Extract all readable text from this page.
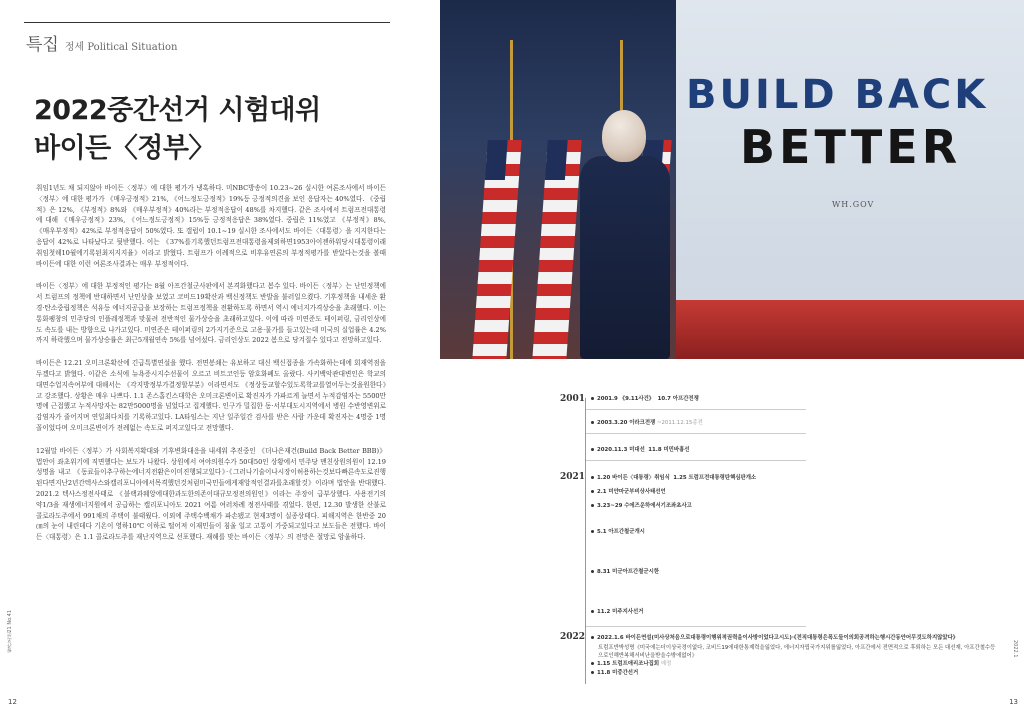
특집 정세 Political Situation
2022중간선거 시험대위
바이든〈정부〉

취임1년도 채 되지않아 바이든〈정부〉에 대한 평가가 냉혹하다. 미NBC방송이 10.23~26 실시한 여론조사에서 바이든〈정부〉에 대한 평가가 《매우긍정적》21%, 《어느정도긍정적》19%등 긍정적의견을 보인 응답자는 40%였다. 《중립적》은 12%, 《부정적》8%와 《매우부정적》40%라는 부정적응답이 48%를 차지했다. 같은 조사에서 트럼프전대통령에 대해 《매우긍정적》23%, 《어느정도긍정적》15%등 긍정적응답은 38%였다. 중립은 11%였고 《부정적》8%, 《매우부정적》42%로 부정적응답이 50%였다. 또 갤럽이 10.1~19 실시한 조사에서도 바이든〈대통령〉을 지지한다는 응답이 42%로 나타났다고 뒷받했다. 이는 《37%를기록했던트럼프전대통령을제외하면1953아이젠하워당시대통령이래취임첫해10월에기록된최저지지율》이라고 밝혔다. 트럼프가 이례적으로 비후유연론의 부정적평가를 받았다는것을 볼때 바이든에 대한 이런 여론조사결과는 매우 부정적이다.

바이든〈정부〉에 대한 부정적인 평가는 8월 아프간철군사판에서 본격화했다고 봄수 있다. 바이든〈정부〉는 난민정책에서 트럼프의 정책에 반대하면서 난민상출 보였고 코비드19확산과 백신정책도 반발을 불러일으켰다. 기후정책을 내세운 환경·탄소중립정책은 석유등 에너지공급을 보장하는 트럼프정책을 전환하도록 하면서 역시 에너지가격상승을 초래했다. 이는 통화팽창의 민주당의 인플레정책과 맞물려 전반적인 물가상승을 초래하고있다. 이에 따라 미연준도 테이퍼링, 금리인상에도 속도를 내는 방향으로 나가고있다. 미연준은 테이퍼링의 2가지기준으로 고용·물가를 들고있는데 미국의 실업률은 4.2%까지 하락했으며 물가상승률은 최근5개월연속 5%를 넘어섰다. 금리인상도 2022 봄으로 당겨질수 있다고 전망하고있다.

바이든은 12.21 오미크론확산에 긴급특별연설을 했다. 전면봉쇄는 유보하고 대신 백신접종을 가속화하는데에 회재역점을 두겠다고 밝혔다. 이같은 소식에 뉴욕증시지수선물이 오르고 비트코인등 암호화폐도 올랐다. 사키백악관대변인은 학교의 대면수업지속여부에 대해서는 《각지방정부가결정할부분》이라면서도 《정상등교할수있도록학교를열어두는것을원한다》고 강조했다. 상황은 매우 나쁘다. 1.1 존스홉킨스대학은 오미크론변이로 확진자가 가파르게 늘면서 누적감염자는 5500만명에 근접했고 누적사망자는 82만5000명을 넘었다고 집계했다. 인구가 밀집한 동·서부대도시지역에서 병원 수반영변위로 감염자가 줄어지며 연일최다치를 기록하고있다. LA타임스는 지난 일주일간 검사를 받은 사람 가운데 확진자는 4명중 1명꼴이었다며 오미크론변이가 전례없는 속도로 퍼지고있다고 전망했다.

12월말 바이든〈정부〉가 사회복지확대와 기후변화대응을 내세워 추진중인 《더나은재건(Build Back Better BBB)》법안이 좌초위기에 직면했다는 보도가 나왔다. 상원에서 여야의원수가 50대50인 상황에서 민주당 맨친상원의원이 12.19 성명을 내고 《동료들이추구하는에너지전환은이미진행되고있다》·《그러나기술이나시장이허용하는것보다빠른속도로진행된다면지난2년간텍사스와캘리포니아에서목격했던것처럼미국민들에게재앙적인결과를초래할것》이라며 법안을 반대했다. 2021.2 텍사스정전사태로 《블랙과웨앙에대한과도한의존이대규모정전의원인》이라는 주장이 급부상했다. 사용전기의 약1/3을 재생에너지원에서 공급하는 캘리포니아도 2021 여름 여러차례 정전사태를 겪었다. 한편, 12.30 발생한 산불로 콜로라도주에서 991채의 주택이 불태웠다. 이외에 주택수백채가 파손됐고 현재3명이 실종상태다. 피해지역은 한반중 20㎝의 눈이 내린데다 기온이 영하10℃ 이하로 떨어져 이재민들이 침울 일고 고통이 가중되고있다고 보도들은 전했다. 바이든〈대통령〉은 1.1 콜로라도주를 재난지역으로 선포했다. 재해를 맞는 바이든〈정부〉의 전망은 절망로 암울하다.

월간조선21 No.41
12
BUILD BACK
BETTER
WH.GOV
2001	2001.9 《9.11사건》 10.7 아프간전쟁
2003.3.20 이라크전쟁 ~2011.12.15종전
2020.11.3 미대선 11.8 미민바흉선
2021	1.20 바이든〈대통령〉취임식 1.25 트럼프전대통령탄핵심판개소
2.1 미얀마군부비상사태선언
3.23~29 수에즈운하에서기조좌초사고
5.1 아프간철군개시
8.31 미군아프간철군시한
11.2 미주지사선거
2022	2022.1.6 바이든연설(미사상처음으로대통령이행위적권력을이사방이었다고시도)·《전직대통령은폭도들이의회공격하는행시간동안어무것도하지않았다》
트럼프반박성명《미국에는더이상국경이없다, 코비드19에대한통제력을잃었다, 에너지자립국가지위를잃었다, 아프간에서 전면적으로 후퇴하는 모든 대선재, 아프간철수등으로인해반복해서비난을받을수밖에없어》
1.15 트럼프애리조나집회 예정
11.8 미중간선거
2022.1
13
